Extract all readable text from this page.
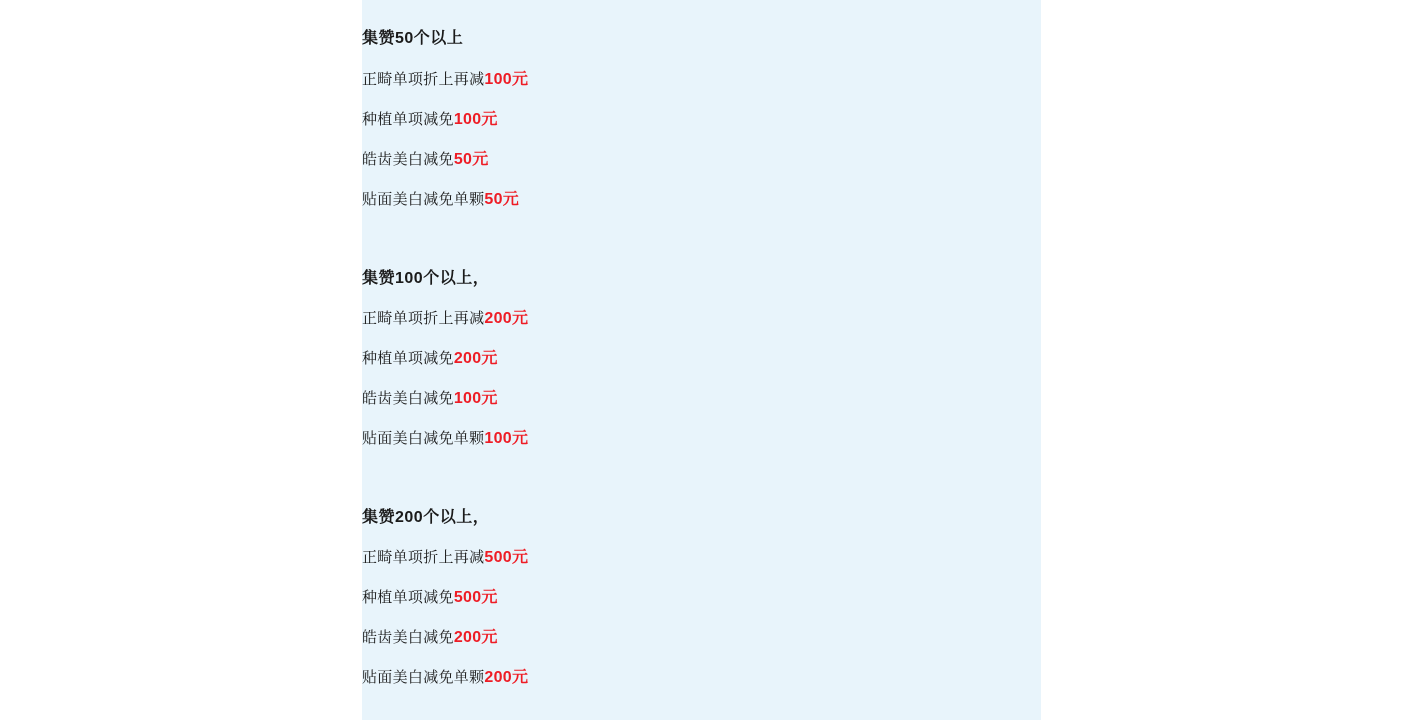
集赞50个以上
正畸单项折上再减100元
种植单项减免100元
皓齿美白减免50元
贴面美白减免单颗50元
集赞100个以上，
正畸单项折上再减200元
种植单项减免200元
皓齿美白减免100元
贴面美白减免单颗100元
集赞200个以上，
正畸单项折上再减500元
种植单项减免500元
皓齿美白减免200元
贴面美白减免单颗200元
